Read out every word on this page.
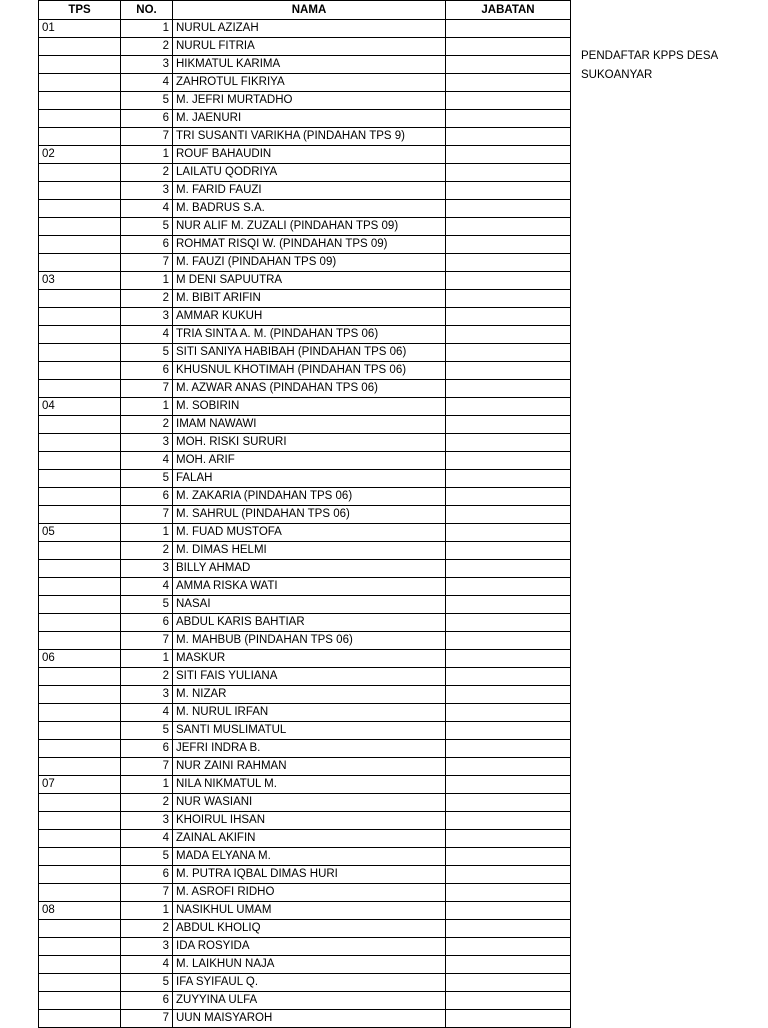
TPS	NO.	NAMA	JABATAN
01	1	NURUL AZIZAH	
	2	NURUL FITRIA	
	3	HIKMATUL KARIMA	
	4	ZAHROTUL FIKRIYA	
	5	M. JEFRI MURTADHO	
	6	M. JAENURI	
	7	TRI SUSANTI VARIKHA (PINDAHAN TPS 9)	
02	1	ROUF BAHAUDIN	
	2	LAILATU QODRIYA	
	3	M. FARID FAUZI	
	4	M. BADRUS S.A.	
	5	NUR ALIF M. ZUZALI (PINDAHAN TPS 09)	
	6	ROHMAT RISQI W. (PINDAHAN TPS 09)	
	7	M. FAUZI (PINDAHAN TPS 09)	
03	1	M DENI SAPUUTRA	
	2	M. BIBIT ARIFIN	
	3	AMMAR KUKUH	
	4	TRIA SINTA A. M. (PINDAHAN TPS 06)	
	5	SITI SANIYA HABIBAH (PINDAHAN TPS 06)	
	6	KHUSNUL KHOTIMAH (PINDAHAN TPS 06)	
	7	M. AZWAR ANAS (PINDAHAN TPS 06)	
04	1	M. SOBIRIN	
	2	IMAM NAWAWI	
	3	MOH. RISKI SURURI	
	4	MOH. ARIF	
	5	FALAH	
	6	M. ZAKARIA (PINDAHAN TPS 06)	
	7	M. SAHRUL (PINDAHAN TPS 06)	
05	1	M. FUAD MUSTOFA	
	2	M. DIMAS HELMI	
	3	BILLY AHMAD	
	4	AMMA RISKA WATI	
	5	NASAI	
	6	ABDUL KARIS BAHTIAR	
	7	M. MAHBUB (PINDAHAN TPS 06)	
06	1	MASKUR	
	2	SITI FAIS YULIANA	
	3	M. NIZAR	
	4	M. NURUL IRFAN	
	5	SANTI MUSLIMATUL	
	6	JEFRI INDRA B.	
	7	NUR ZAINI RAHMAN	
07	1	NILA NIKMATUL M.	
	2	NUR WASIANI	
	3	KHOIRUL IHSAN	
	4	ZAINAL AKIFIN	
	5	MADA ELYANA M.	
	6	M. PUTRA IQBAL DIMAS HURI	
	7	M. ASROFI RIDHO	
08	1	NASIKHUL UMAM	
	2	ABDUL KHOLIQ	
	3	IDA ROSYIDA	
	4	M. LAIKHUN NAJA	
	5	IFA SYIFAUL Q.	
	6	ZUYYINA ULFA	
	7	UUN MAISYAROH	
PENDAFTAR KPPS DESA
SUKOANYAR
